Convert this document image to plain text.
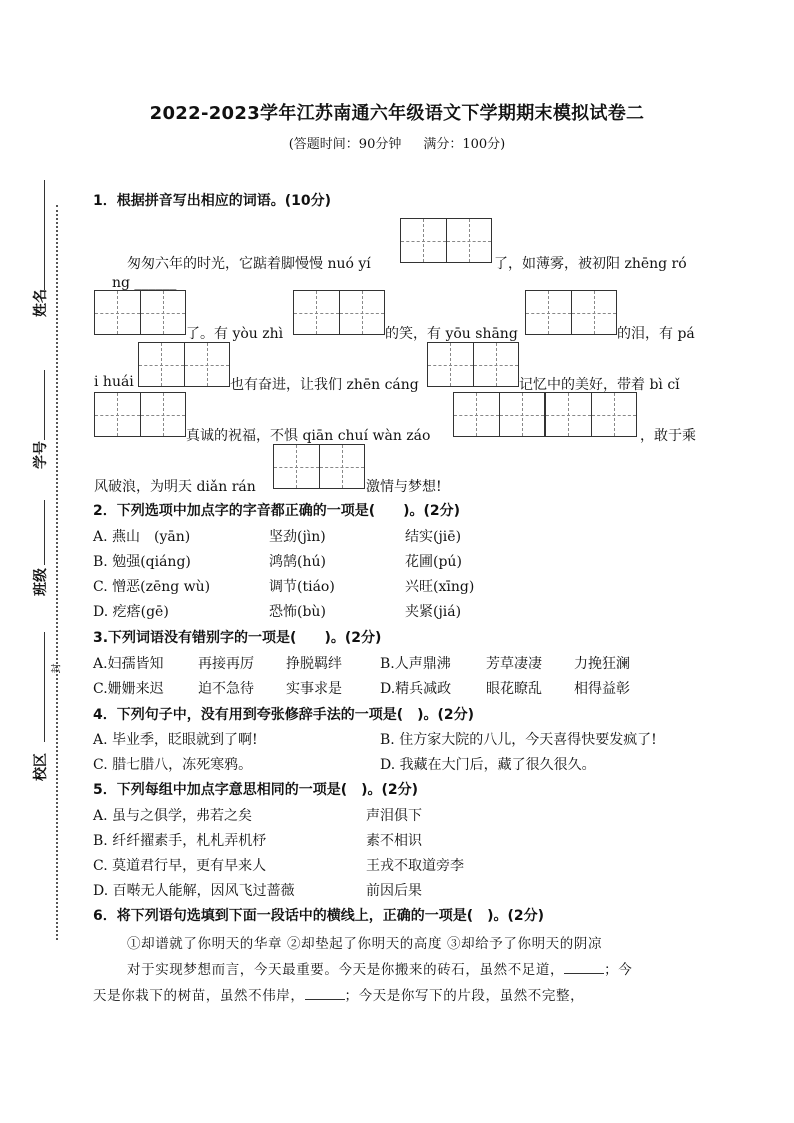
2022-2023学年江苏南通六年级语文下学期期末模拟试卷二
(答题时间：90分钟 满分：100分)
姓名
学号
班级
校区
封
1．根据拼音写出相应的词语。(10分)
匆匆六年的时光，它踮着脚慢慢 nuó yí	了，如薄雾，被初阳 zhēng ró
ng ______
了。有 yòu zhì	的笑，有 yōu shāng	的泪，有 pá
i huái	也有奋进，让我们 zhēn cáng	记忆中的美好，带着 bì cǐ
真诚的祝福，不惧 qiān chuí wàn záo	，敢于乘
风破浪，为明天 diǎn rán	激情与梦想!
2．下列选项中加点字的字音都正确的一项是(　　)。(2分)
A. 燕山　(yān)	坚劲(jìn)	结实(jiē)
B. 勉强(qiáng)	鸿鹄(hú)	花圃(pú)
C. 憎恶(zēng wù)	调节(tiáo)	兴旺(xīng)
D. 疙瘩(gē)	恐怖(bù)	夹紧(jiá)
3.下列词语没有错别字的一项是(　　)。(2分)
A.妇孺皆知 再接再厉 挣脱羁绊	B.人声鼎沸	芳草凄凄 力挽狂澜
C.姗姗来迟 迫不急待 实事求是	D.精兵减政 眼花瞭乱 相得益彰
4．下列句子中，没有用到夸张修辞手法的一项是(　)。(2分)
A. 毕业季，眨眼就到了啊!	B. 住方家大院的八儿，今天喜得快要发疯了!
C. 腊七腊八，冻死寒鸦。	D. 我藏在大门后，藏了很久很久。
5．下列每组中加点字意思相同的一项是(　)。(2分)
A. 虽与之俱学，弗若之矣	声泪俱下
B. 纤纤擢素手，札札弄机杼	素不相识
C. 莫道君行早，更有早来人	王戎不取道旁李
D. 百啭无人能解，因风飞过蔷薇	前因后果
6．将下列语句选填到下面一段话中的横线上，正确的一项是(　)。(2分)
①却谱就了你明天的华章 ②却垫起了你明天的高度 ③却给予了你明天的阴凉
对于实现梦想而言，今天最重要。今天是你搬来的砖石，虽然不足道，	；今
天是你栽下的树苗，虽然不伟岸，	；今天是你写下的片段，虽然不完整，
